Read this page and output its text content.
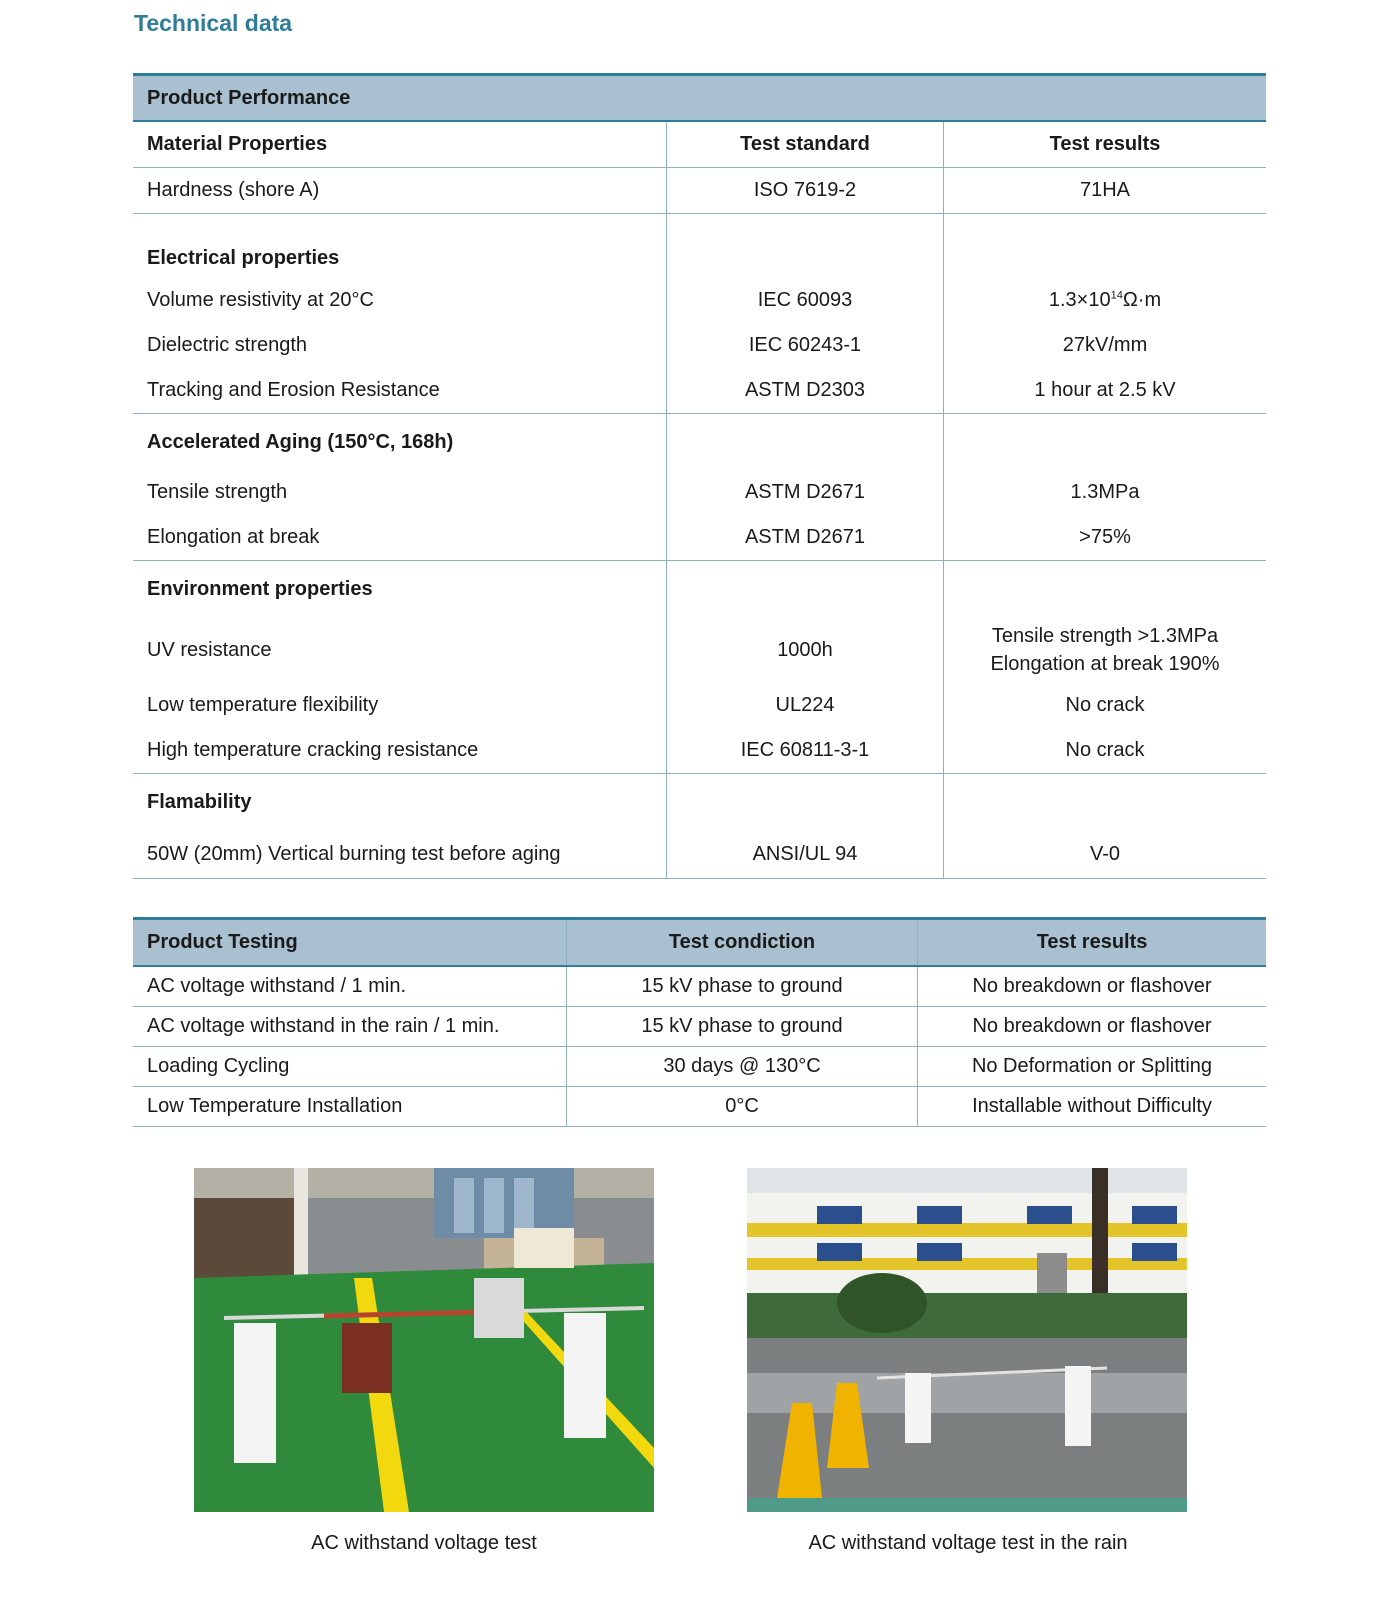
Technical data
Product Performance		
Material Properties	Test standard	Test results
Hardness (shore A)	ISO 7619-2	71HA
Electrical properties		
Volume resistivity at 20°C	IEC 60093	$1.3\times 10^{14}\Omega\cdot m$
Dielectric strength	IEC 60243-1	27kV/mm
Tracking and Erosion Resistance	ASTM D2303	1 hour at 2.5 kV
Accelerated Aging (150°C, 168h)		
Tensile strength	ASTM D2671	1.3MPa
Elongation at break	ASTM D2671	>75%
Environment properties		
UV resistance	1000h	Tensile strength >1.3MPa
Elongation at break 190%

Low temperature flexibility	UL224	No crack
High temperature cracking resistance	IEC 60811-3-1	No crack
Flamability		
50W (20mm) Vertical burning test before aging	ANSI/UL 94	V-0
Product Testing	Test condiction	Test results
AC voltage withstand / 1 min.	15 kV phase to ground	No breakdown or flashover
AC voltage withstand in the rain / 1 min.	15 kV phase to ground	No breakdown or flashover
Loading Cycling	30 days @ 130°C	No Deformation or Splitting
Low Temperature Installation	0°C	Installable without Difficulty
AC withstand voltage test	AC withstand voltage test in the rain
